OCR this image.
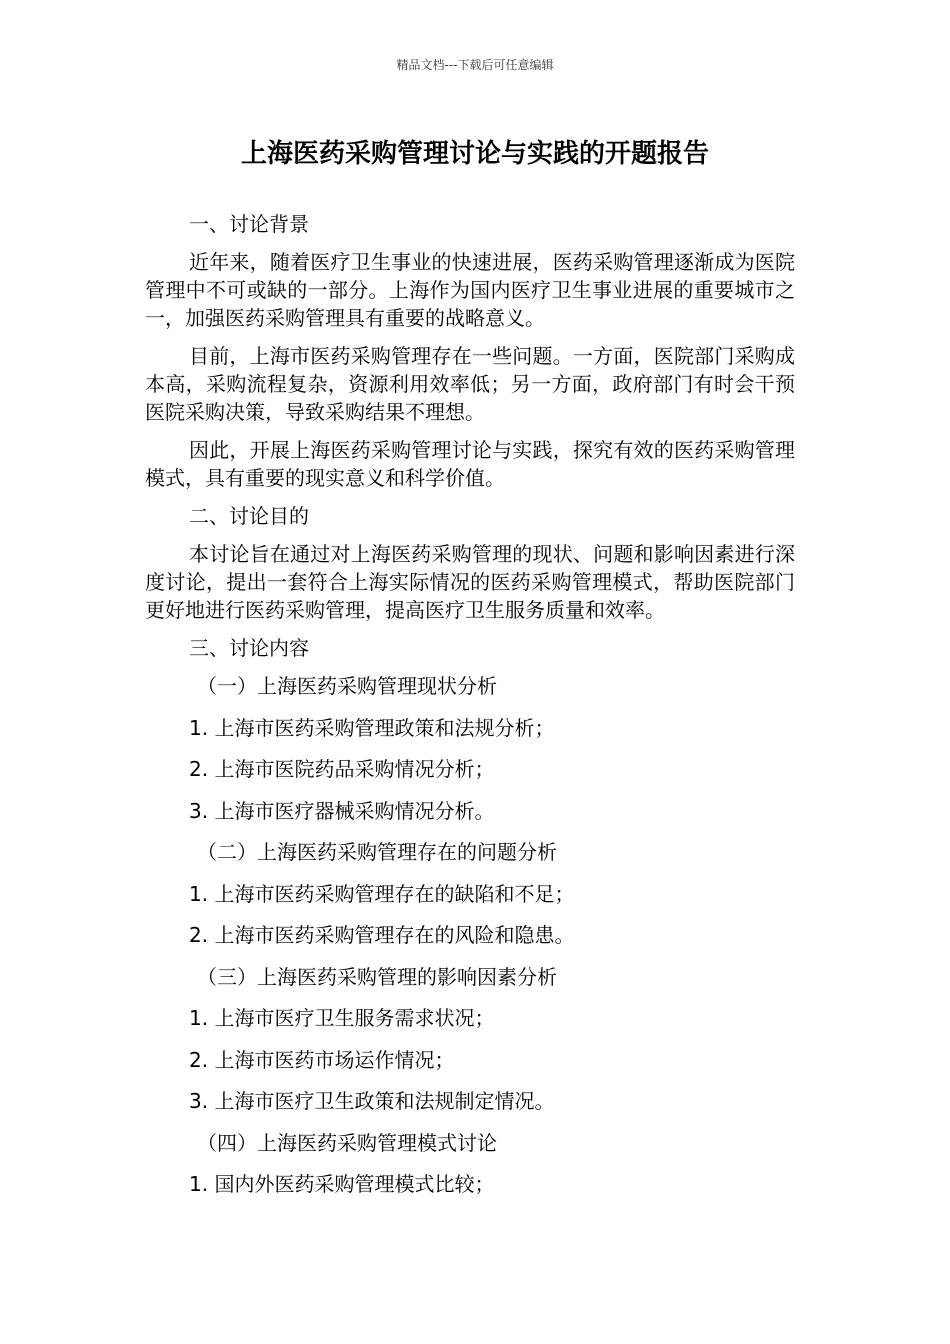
精品文档---下载后可任意编辑
上海医药采购管理讨论与实践的开题报告

一、讨论背景

近年来，随着医疗卫生事业的快速进展，医药采购管理逐渐成为医院管理中不可或缺的一部分。上海作为国内医疗卫生事业进展的重要城市之一，加强医药采购管理具有重要的战略意义。

目前，上海市医药采购管理存在一些问题。一方面，医院部门采购成本高，采购流程复杂，资源利用效率低；另一方面，政府部门有时会干预医院采购决策，导致采购结果不理想。

因此，开展上海医药采购管理讨论与实践，探究有效的医药采购管理模式，具有重要的现实意义和科学价值。

二、讨论目的

本讨论旨在通过对上海医药采购管理的现状、问题和影响因素进行深度讨论，提出一套符合上海实际情况的医药采购管理模式，帮助医院部门更好地进行医药采购管理，提高医疗卫生服务质量和效率。

三、讨论内容

（一）上海医药采购管理现状分析

1. 上海市医药采购管理政策和法规分析；

2. 上海市医院药品采购情况分析；

3. 上海市医疗器械采购情况分析。

（二）上海医药采购管理存在的问题分析

1. 上海市医药采购管理存在的缺陷和不足；

2. 上海市医药采购管理存在的风险和隐患。

（三）上海医药采购管理的影响因素分析

1. 上海市医疗卫生服务需求状况；

2. 上海市医药市场运作情况；

3. 上海市医疗卫生政策和法规制定情况。

（四）上海医药采购管理模式讨论

1. 国内外医药采购管理模式比较；
